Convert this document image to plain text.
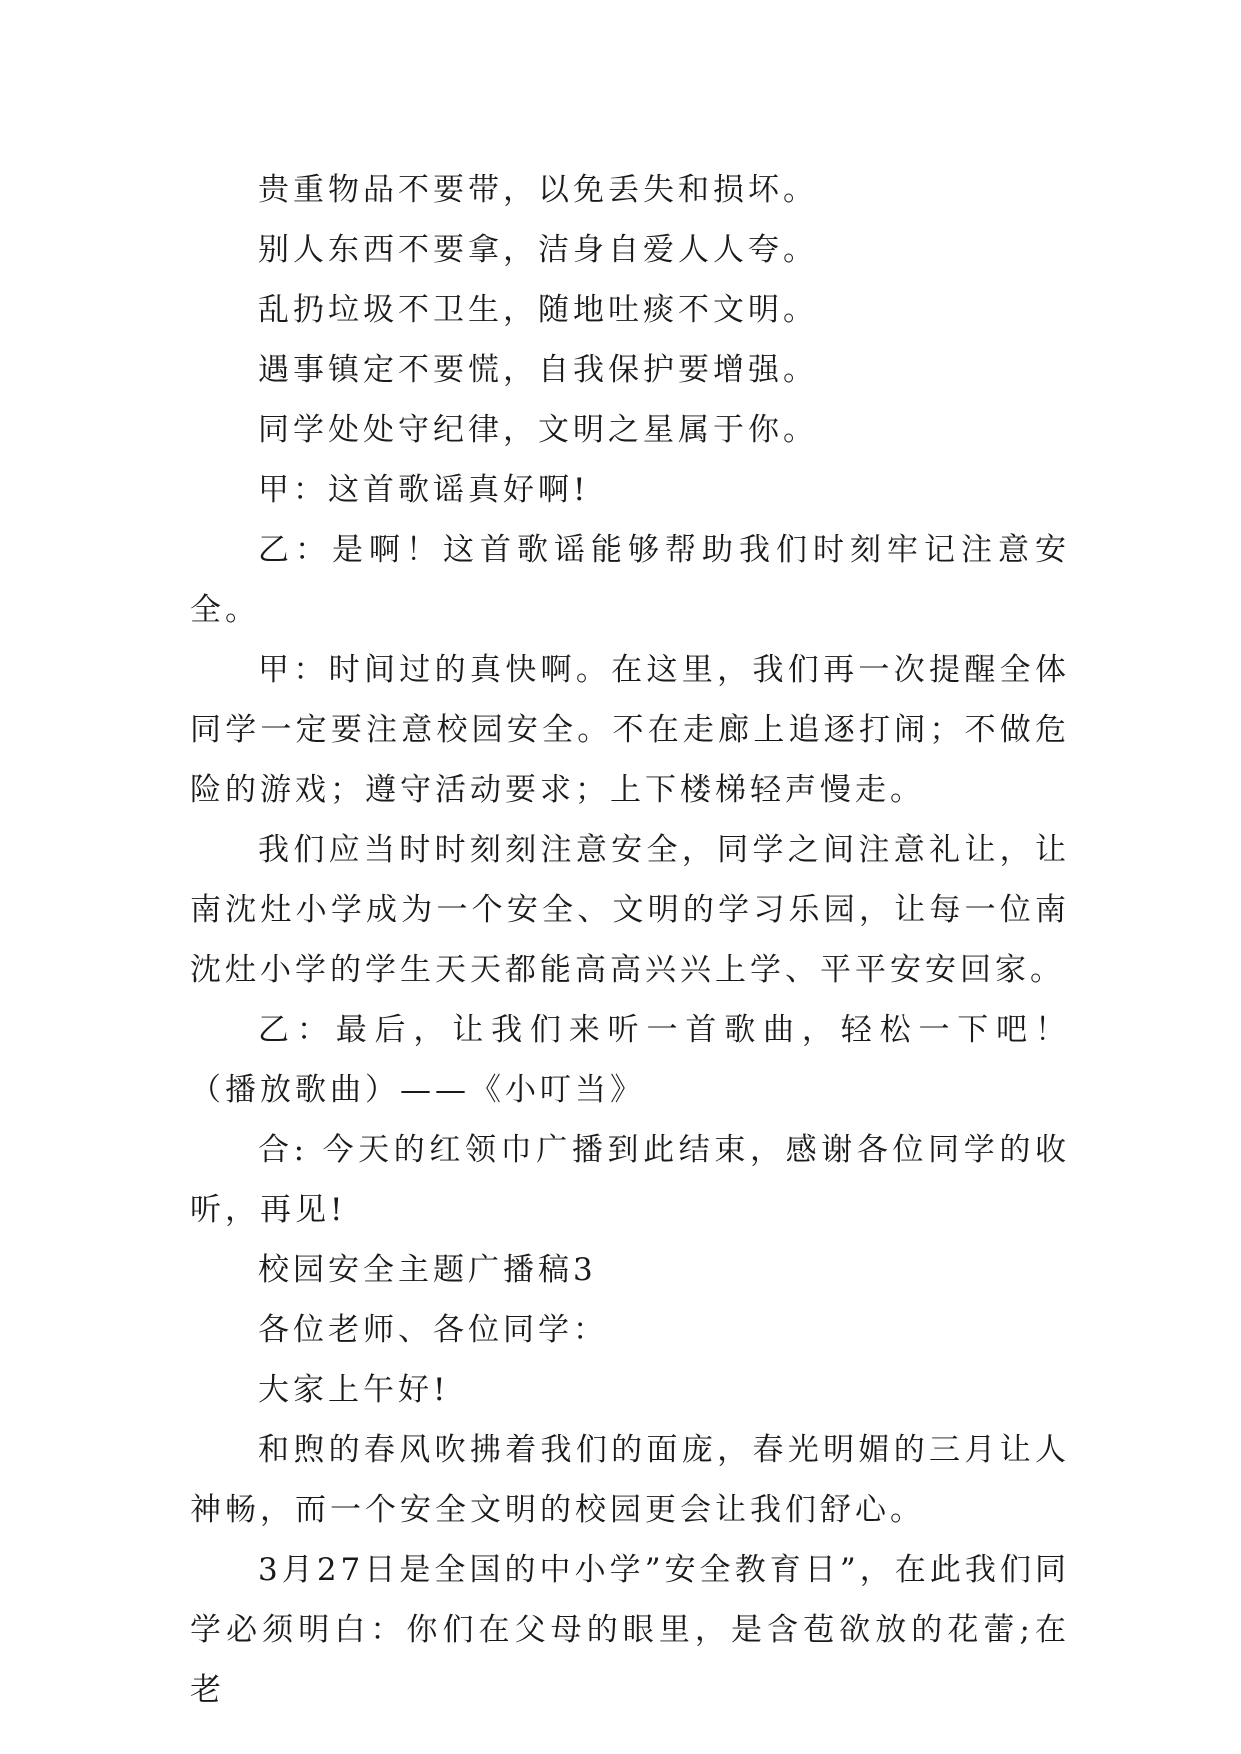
贵重物品不要带，以免丢失和损坏。

别人东西不要拿，洁身自爱人人夸。

乱扔垃圾不卫生，随地吐痰不文明。

遇事镇定不要慌，自我保护要增强。

同学处处守纪律，文明之星属于你。

甲：这首歌谣真好啊!

乙：是啊！这首歌谣能够帮助我们时刻牢记注意安全。

甲：时间过的真快啊。在这里，我们再一次提醒全体同学一定要注意校园安全。不在走廊上追逐打闹；不做危险的游戏；遵守活动要求；上下楼梯轻声慢走。

我们应当时时刻刻注意安全，同学之间注意礼让，让南沈灶小学成为一个安全、文明的学习乐园，让每一位南沈灶小学的学生天天都能高高兴兴上学、平平安安回家。

乙：最后，让我们来听一首歌曲，轻松一下吧！ （播放歌曲）——《小叮当》

合: 今天的红领巾广播到此结束，感谢各位同学的收听，再见!

校园安全主题广播稿3

各位老师、各位同学：

大家上午好!

和煦的春风吹拂着我们的面庞，春光明媚的三月让人神畅，而一个安全文明的校园更会让我们舒心。

3月27日是全国的中小学”安全教育日”，在此我们同学必须明白：你们在父母的眼里，是含苞欲放的花蕾;在老
